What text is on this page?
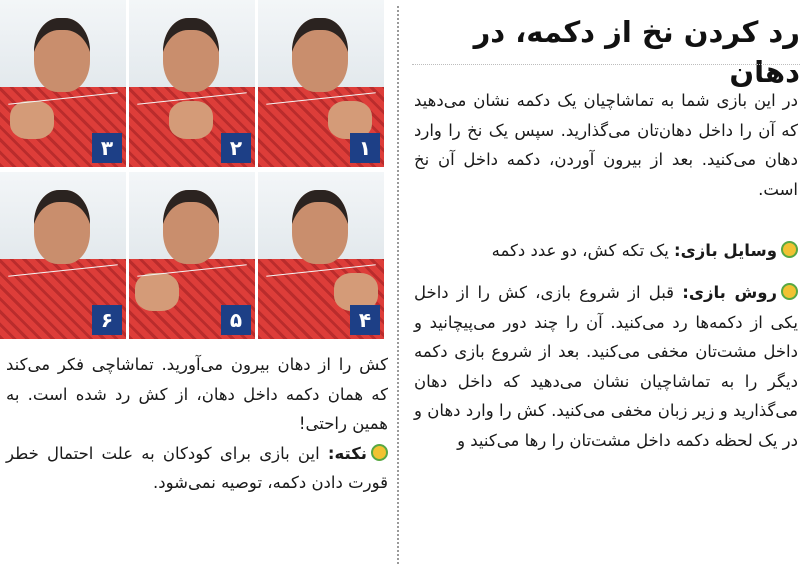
۳	۲	۱
۶	۵	۴
کش را از دهان بیرون می‌آورید. تماشاچی فکر می‌کند که همان دکمه داخل دهان، از کش رد شده است. به همین راحتی!
نکته: این بازی برای کودکان به علت احتمال خطر قورت دادن دکمه، توصیه نمی‌شود.
رد کردن نخ از دکمه، در دهان
در این بازی شما به تماشاچیان یک دکمه نشان می‌دهید که آن را داخل دهان‌تان می‌گذارید. سپس یک نخ را وارد دهان می‌کنید. بعد از بیرون آوردن، دکمه داخل آن نخ است.
وسایل بازی: یک تکه کش، دو عدد دکمه
روش بازی: قبل از شروع بازی، کش را از داخل یکی از دکمه‌ها رد می‌کنید. آن را چند دور می‌پیچانید و داخل مشت‌تان مخفی می‌کنید. بعد از شروع بازی دکمه دیگر را به تماشاچیان نشان می‌دهید که داخل دهان می‌گذارید و زیر زبان مخفی می‌کنید. کش را وارد دهان و در یک لحظه دکمه داخل مشت‌تان را رها می‌کنید و
